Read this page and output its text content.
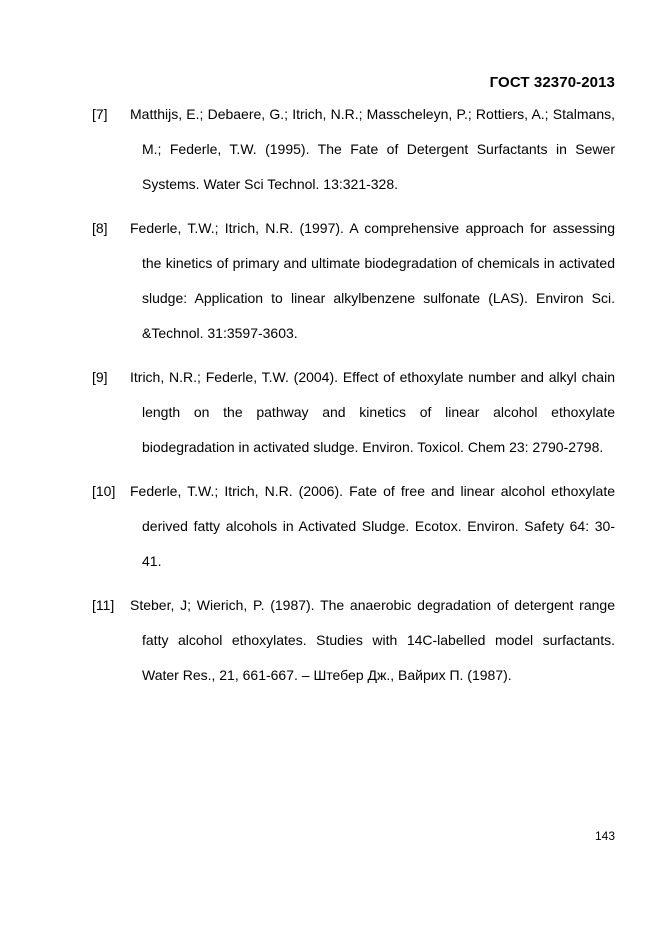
ГОСТ 32370-2013
[7] Matthijs, E.; Debaere, G.; Itrich, N.R.; Masscheleyn, P.; Rottiers, A.; Stalmans, M.; Federle, T.W. (1995). The Fate of Detergent Surfactants in Sewer Systems. Water Sci Technol. 13:321-328.
[8] Federle, T.W.; Itrich, N.R. (1997). A comprehensive approach for assessing the kinetics of primary and ultimate biodegradation of chemicals in activated sludge: Application to linear alkylbenzene sulfonate (LAS). Environ Sci. &Technol. 31:3597-3603.
[9] Itrich, N.R.; Federle, T.W. (2004). Effect of ethoxylate number and alkyl chain length on the pathway and kinetics of linear alcohol ethoxylate biodegradation in activated sludge. Environ. Toxicol. Chem 23: 2790-2798.
[10] Federle, T.W.; Itrich, N.R. (2006). Fate of free and linear alcohol ethoxylate derived fatty alcohols in Activated Sludge. Ecotox. Environ. Safety 64: 30-41.
[11] Steber, J; Wierich, P. (1987). The anaerobic degradation of detergent range fatty alcohol ethoxylates. Studies with 14C-labelled model surfactants. Water Res., 21, 661-667. – Штебер Дж., Вайрих П. (1987).
143
